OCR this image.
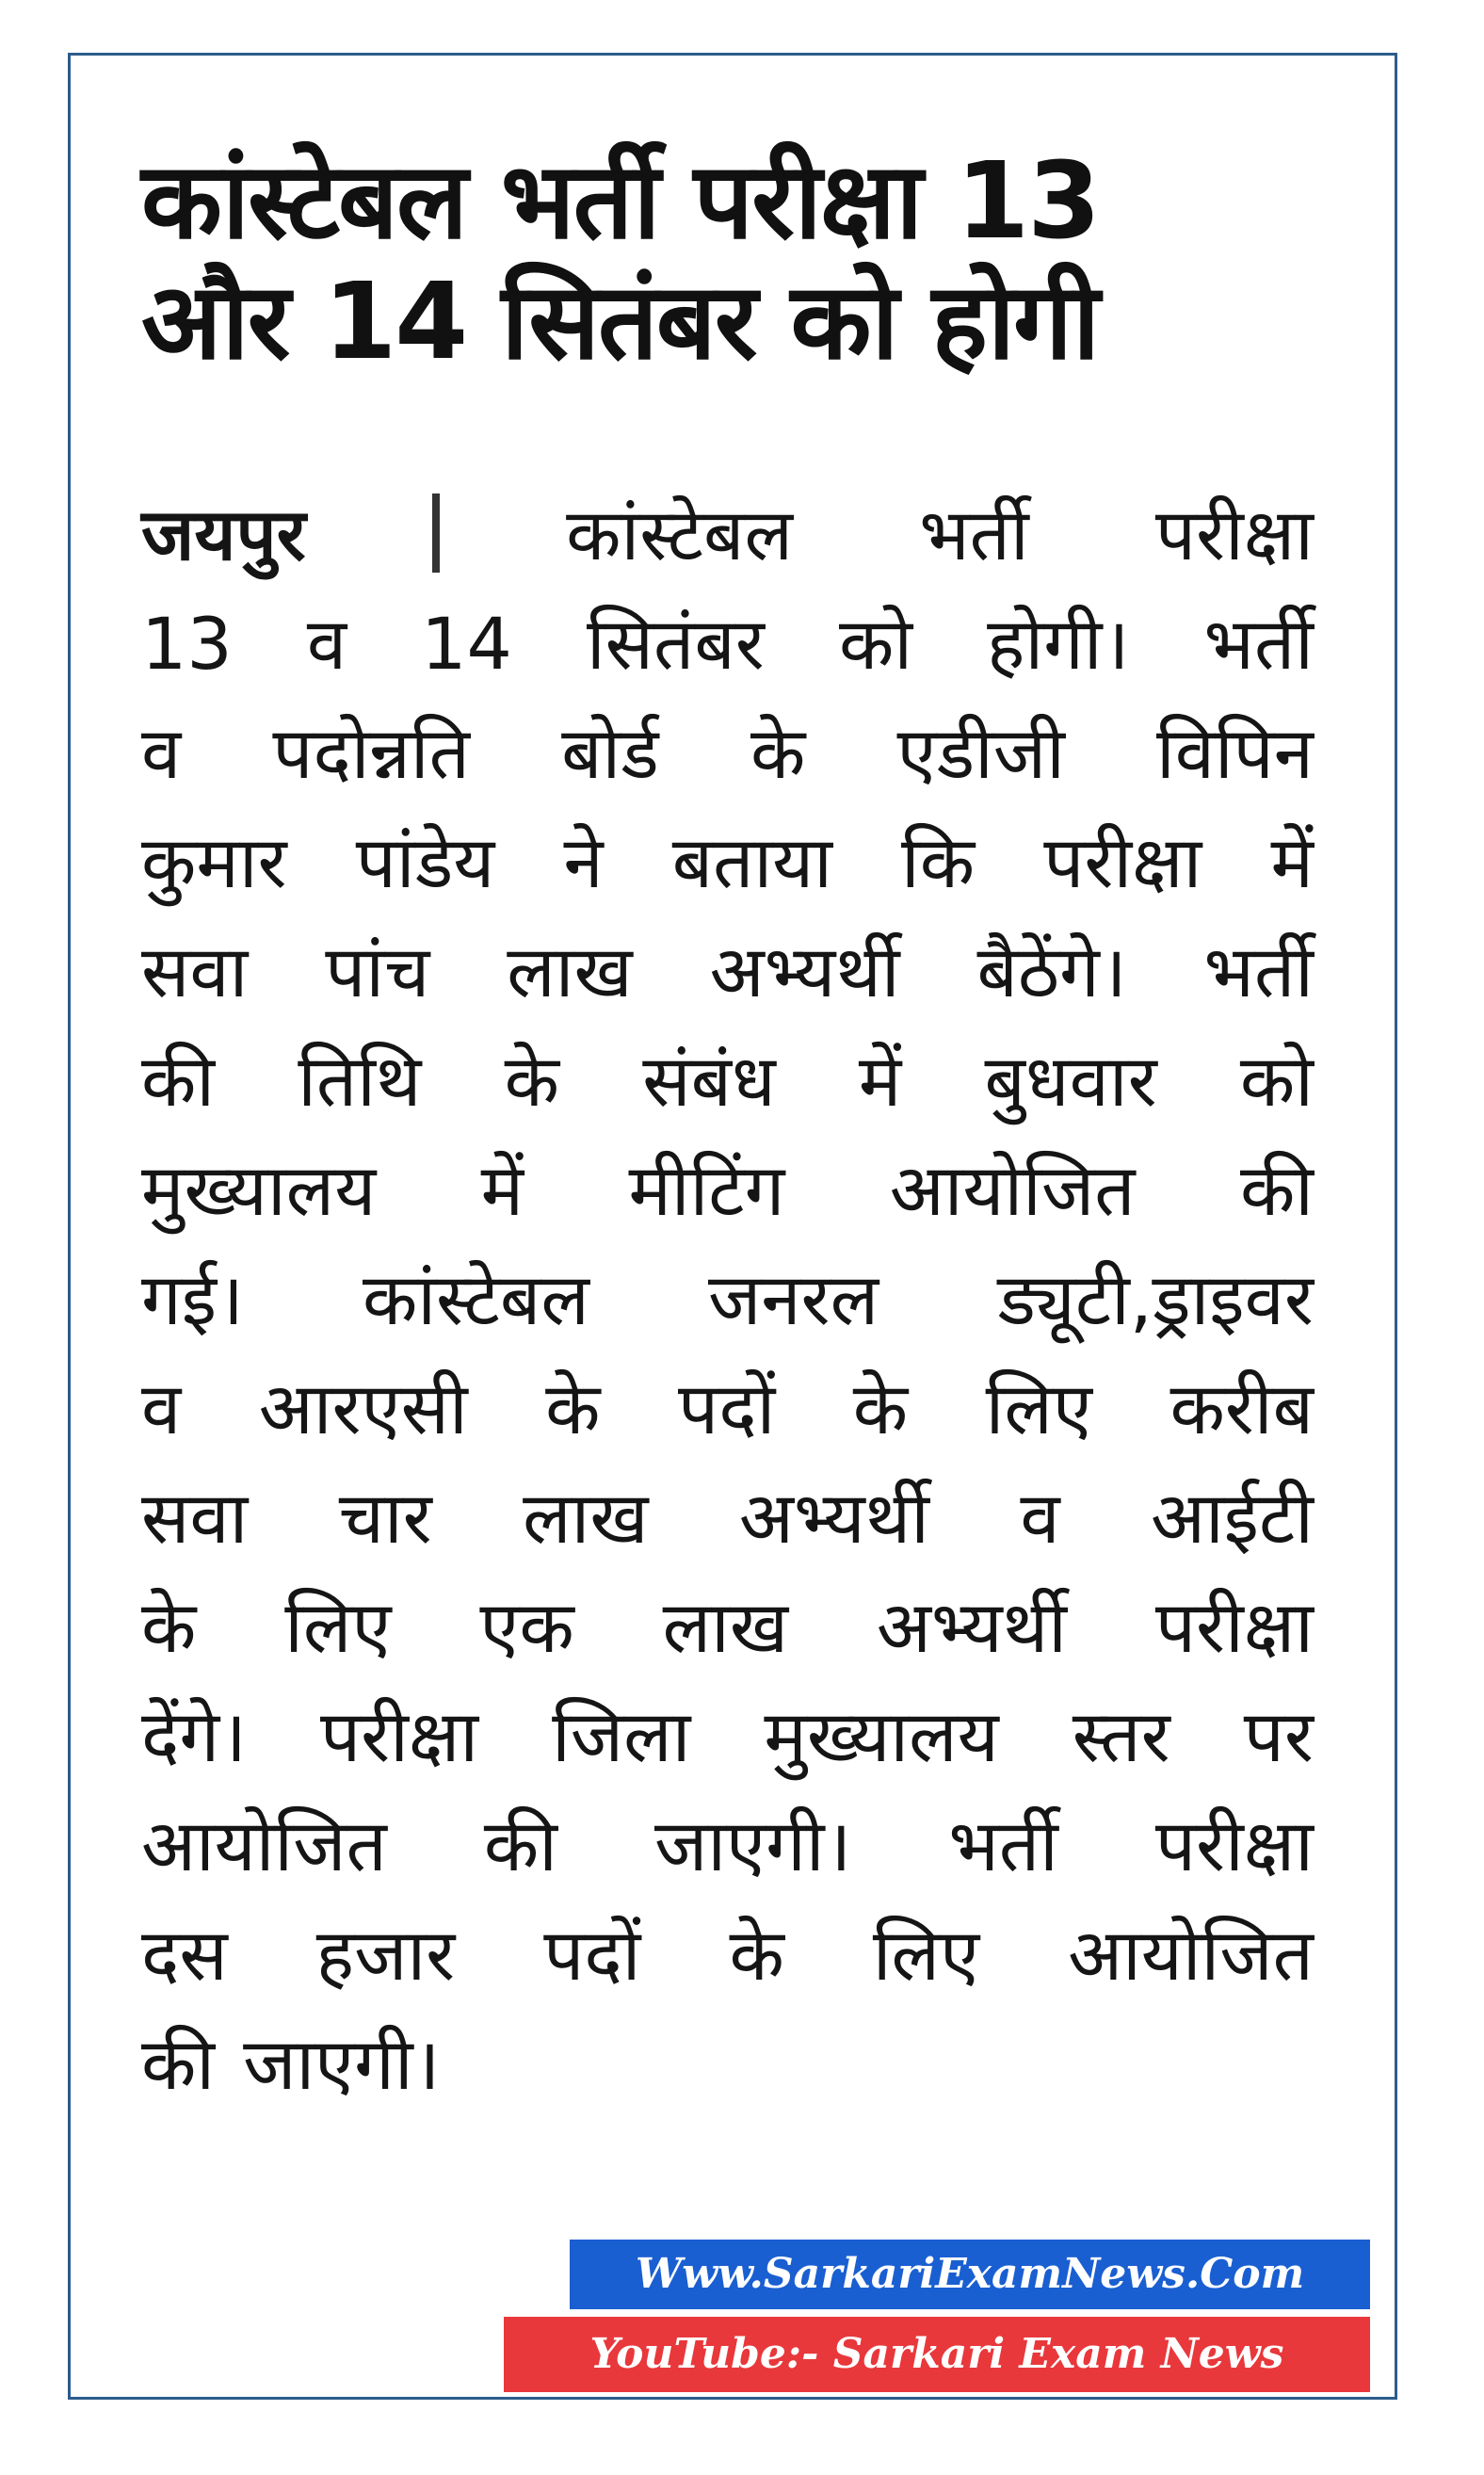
कांस्टेबल भर्ती परीक्षा 13
और 14 सितंबर को होगी
जयपुर	कांस्टेबल भर्ती परीक्षा
13 व 14 सितंबर को होगी। भर्ती
व पदोन्नति बोर्ड के एडीजी विपिन
कुमार पांडेय ने बताया कि परीक्षा में
सवा पांच लाख अभ्यर्थी बैठेंगे। भर्ती
की तिथि के संबंध में बुधवार को
मुख्यालय में मीटिंग आयोजित की
गई। कांस्टेबल जनरल ड्यूटी,ड्राइवर
व आरएसी के पदों के लिए करीब
सवा चार लाख अभ्यर्थी व आईटी
के लिए एक लाख अभ्यर्थी परीक्षा
देंगे। परीक्षा जिला मुख्यालय स्तर पर
आयोजित की जाएगी। भर्ती परीक्षा
दस हजार पदों के लिए आयोजित
की जाएगी।
Www.SarkariExamNews.Com
YouTube:- Sarkari Exam News
